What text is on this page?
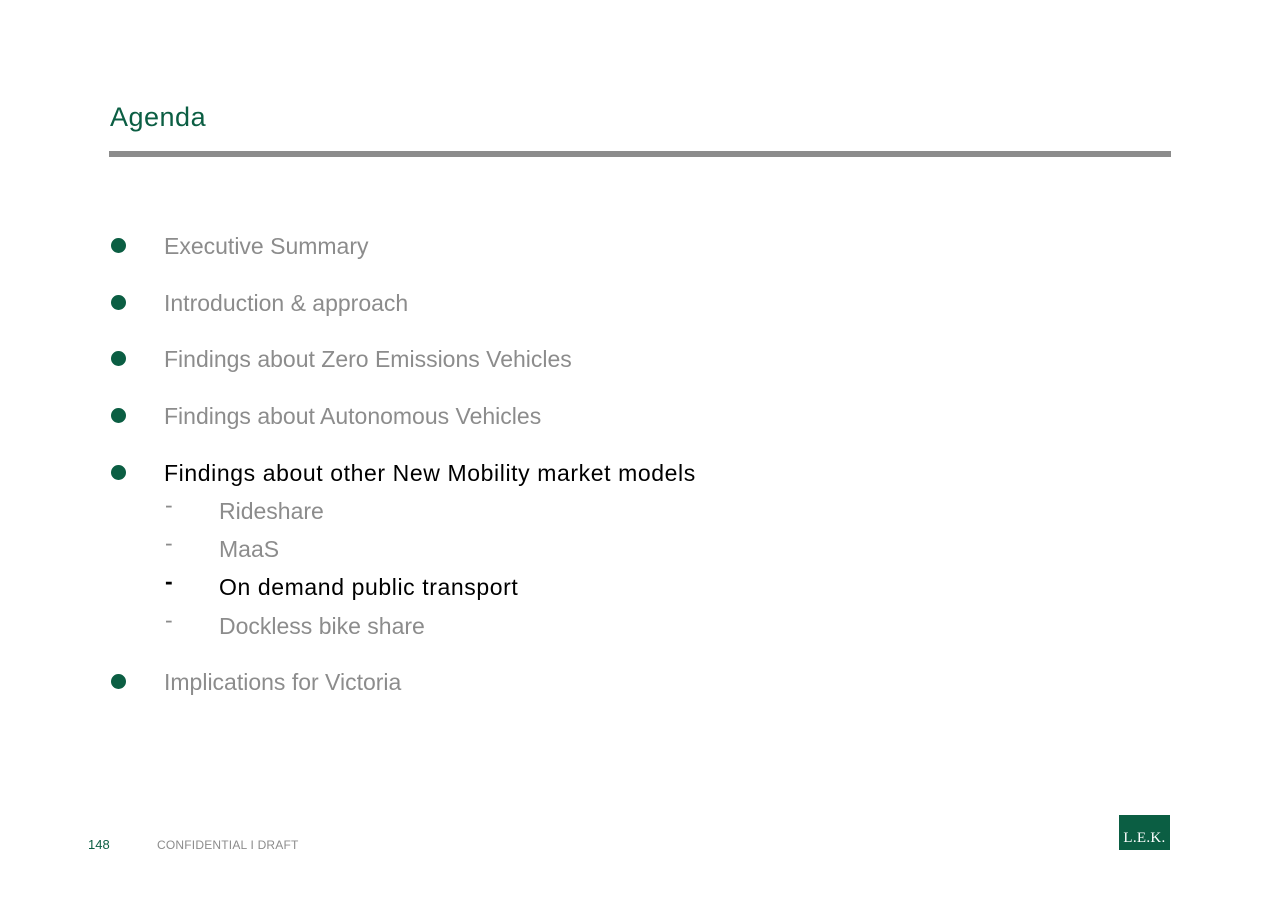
Agenda
Executive Summary
Introduction & approach
Findings about Zero Emissions Vehicles
Findings about Autonomous Vehicles
Findings about other New Mobility market models
- Rideshare
- MaaS
- On demand public transport
- Dockless bike share
Implications for Victoria
148	CONFIDENTIAL I DRAFT	L.E.K.
